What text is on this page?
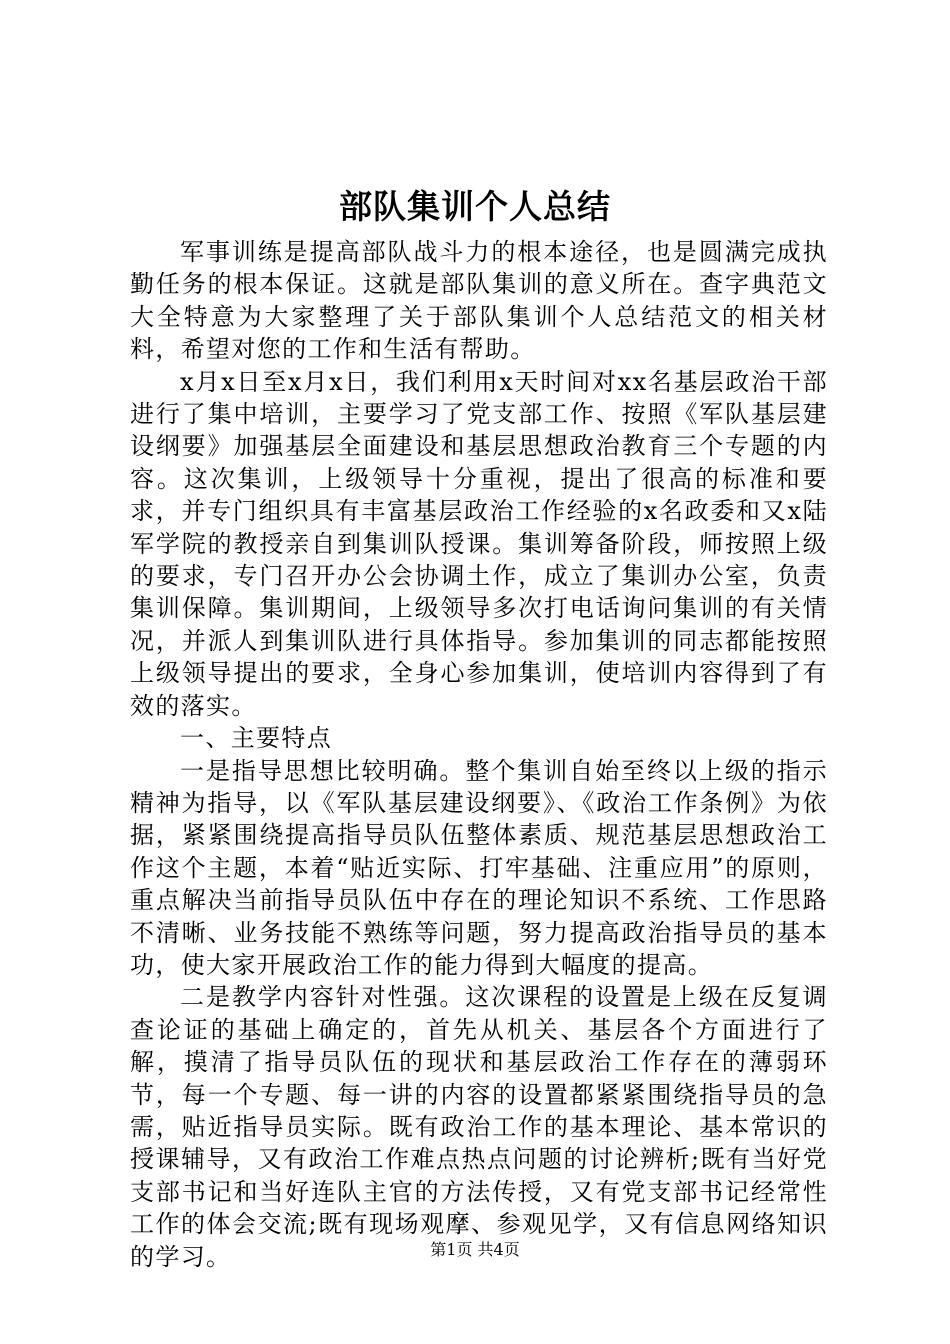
部队集训个人总结

军事训练是提高部队战斗力的根本途径，也是圆满完成执勤任务的根本保证。这就是部队集训的意义所在。查字典范文大全特意为大家整理了关于部队集训个人总结范文的相关材料，希望对您的工作和生活有帮助。

x月x日至x月x日，我们利用x天时间对xx名基层政治干部进行了集中培训，主要学习了党支部工作、按照《军队基层建设纲要》加强基层全面建设和基层思想政治教育三个专题的内容。这次集训，上级领导十分重视，提出了很高的标准和要求，并专门组织具有丰富基层政治工作经验的x名政委和又x陆军学院的教授亲自到集训队授课。集训筹备阶段，师按照上级的要求，专门召开办公会协调土作，成立了集训办公室，负责集训保障。集训期间，上级领导多次打电话询问集训的有关情况，并派人到集训队进行具体指导。参加集训的同志都能按照上级领导提出的要求，全身心参加集训，使培训内容得到了有效的落实。

一、主要特点

一是指导思想比较明确。整个集训自始至终以上级的指示精神为指导，以《军队基层建设纲要》、《政治工作条例》为依据，紧紧围绕提高指导员队伍整体素质、规范基层思想政治工作这个主题，本着“贴近实际、打牢基础、注重应用”的原则，重点解决当前指导员队伍中存在的理论知识不系统、工作思路不清晰、业务技能不熟练等问题，努力提高政治指导员的基本功，使大家开展政治工作的能力得到大幅度的提高。

二是教学内容针对性强。这次课程的设置是上级在反复调查论证的基础上确定的，首先从机关、基层各个方面进行了解，摸清了指导员队伍的现状和基层政治工作存在的薄弱环节，每一个专题、每一讲的内容的设置都紧紧围绕指导员的急需，贴近指导员实际。既有政治工作的基本理论、基本常识的授课辅导，又有政治工作难点热点问题的讨论辨析;既有当好党支部书记和当好连队主官的方法传授，又有党支部书记经常性工作的体会交流;既有现场观摩、参观见学，又有信息网络知识的学习。	第1页 共4页
